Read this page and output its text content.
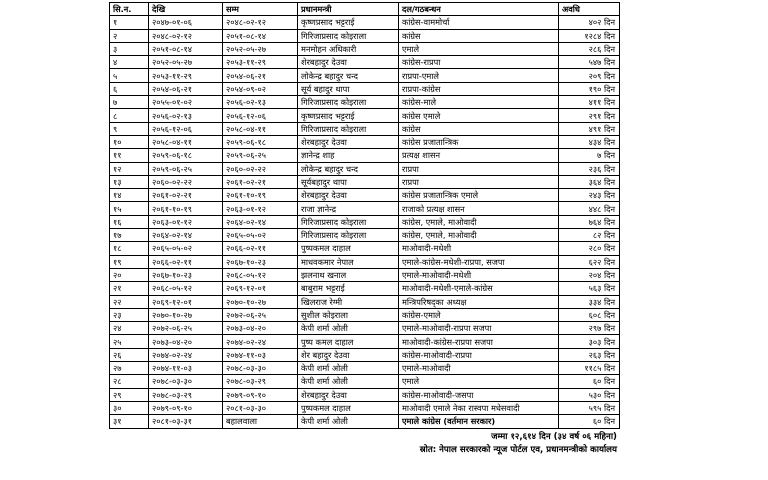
सि.न.	देखि	सम्म	प्रधानमन्त्री	दल/गठबन्धन	अवधि
१	२०४७-०१-०६	२०४८-०२-१२	कृष्णप्रसाद भट्टराई	कांग्रेस-वाममोर्चा	४०२ दिन
२	२०४८-०२-१२	२०५१-०८-१४	गिरिजाप्रसाद कोइराला	कांग्रेस	१२८४ दिन
३	२०५१-०८-१४	२०५२-०५-२७	मनमोहन अधिकारी	एमाले	२८६ दिन
४	२०५२-०५-२७	२०५३-११-२९	शेरबहादुर देउवा	कांग्रेस-राप्रपा	५४७ दिन
५	२०५३-११-२९	२०५४-०६-२१	लोकेन्द्र बहादुर चन्द	राप्रपा-एमाले	२०९ दिन
६	२०५४-०६-२१	२०५४-०९-०२	सूर्य बहादुर थापा	राप्रपा-कांग्रेस	१९० दिन
७	२०५५-०१-०२	२०५६-०२-१३	गिरिजाप्रसाद कोइराला	कांग्रेस-माले	४११ दिन
८	२०५६-०२-१३	२०५६-१२-०६	कृष्णप्रसाद भट्टराई	कांग्रेस एमाले	२९१ दिन
९	२०५६-१२-०६	२०५८-०४-११	गिरिजाप्रसाद कोइराला	कांग्रेस	४९१ दिन
१०	२०५८-०४-११	२०५९-०६-१८	शेरबहादुर देउवा	कांग्रेस प्रजातान्त्रिक	४३४ दिन
११	२०५९-०६-१८	२०५९-०६-२५	ज्ञानेन्द्र शाह	प्रत्यक्ष शासन	७ दिन
१२	२०५९-०६-२५	२०६०-०२-२२	लोकेन्द्र बहादुर चन्द	राप्रपा	२३६ दिन
१३	२०६०-०२-२२	२०६१-०२-२१	सूर्यबहादुर थापा	राप्रपा	३६४ दिन
१४	२०६१-०२-२१	२०६१-१०-१९	शेरबहादुर देउवा	कांग्रेस प्रजातान्त्रिक एमाले	२४३ दिन
१५	२०६१-१०-१९	२०६३-०१-१२	राजा ज्ञानेन्द्र	राजाको प्रत्यक्ष शासन	४४८ दिन
१६	२०६३-०१-१२	२०६४-०२-१४	गिरिजाप्रसाद कोइराला	कांग्रेस, एमाले, माओवादी	७६४ दिन
१७	२०६४-०२-१४	२०६५-०५-०२	गिरिजाप्रसाद कोइराला	कांग्रेस, एमाले, माओवादी	८२ दिन
१८	२०६५-०५-०२	२०६६-०२-११	पुष्पकमल दाहाल	माओवादी-मधेशी	२८० दिन
१९	२०६६-०२-११	२०६७-१०-२३	माधवकमार नेपाल	एमाले-कांग्रेस-मधेशी-राप्रपा, सजपा	६२२ दिन
२०	२०६७-१०-२३	२०६८-०५-१२	झलनाथ खनाल	एमाले-माओवादी-मधेशी	२०४ दिन
२१	२०६८-०५-१२	२०६९-१२-०१	बाबुराम भट्टराई	माओवादी-मधेशी-एमाले-कांग्रेस	५६३ दिन
२२	२०६९-१२-०१	२०७०-१०-२७	खिलराज रेग्मी	मन्त्रिपरिषद्‌का अध्यक्ष	३३४ दिन
२३	२०७०-१०-२७	२०७२-०६-२५	सुशील कोइराला	कांग्रेस-एमाले	६०८ दिन
२४	२०७२-०६-२५	२०७३-०४-२०	केपी शर्मा ओली	एमाले-माओवादी-राप्रपा सजपा	२९७ दिन
२५	२०७३-०४-२०	२०७४-०२-२४	पुष्प कमल दाहाल	माओवादी-कांग्रेस-राप्रपा सजपा	३०३ दिन
२६	२०७४-०२-२४	२०७४-११-०३	शेर बहादुर देउवा	कांग्रेस-माओवादी-राप्रपा	२६३ दिन
२७	२०७४-११-०३	२०७८-०३-३०	केपी शर्मा ओली	एमाले-माओवादी	११८५ दिन
२८	२०७८-०३-३०	२०७८-०३-२९	केपी शर्मा ओली	एमाले	६० दिन
२९	२०७८-०३-२९	२०७९-०९-१०	शेरबहादुर देउवा	कांग्रेस-माओवादी-जसपा	५३० दिन
३०	२०७९-०९-१०	२०८१-०३-३०	पुष्पकमल दाहाल	माओवादी एमाले नेका रास्वपा मधेसवादी	५९५ दिन
३१	२०८१-०३-३१	बहालवाला	केपी शर्मा ओली	एमाले कांग्रेस (वर्तमान सरकार)	६० दिन
जम्मा १२,६१४ दिन (३४ वर्ष ०६ महिना)
स्रोत: नेपाल सरकारको न्यूज पोर्टल एव, प्रधानमन्त्रीको कार्यालय
